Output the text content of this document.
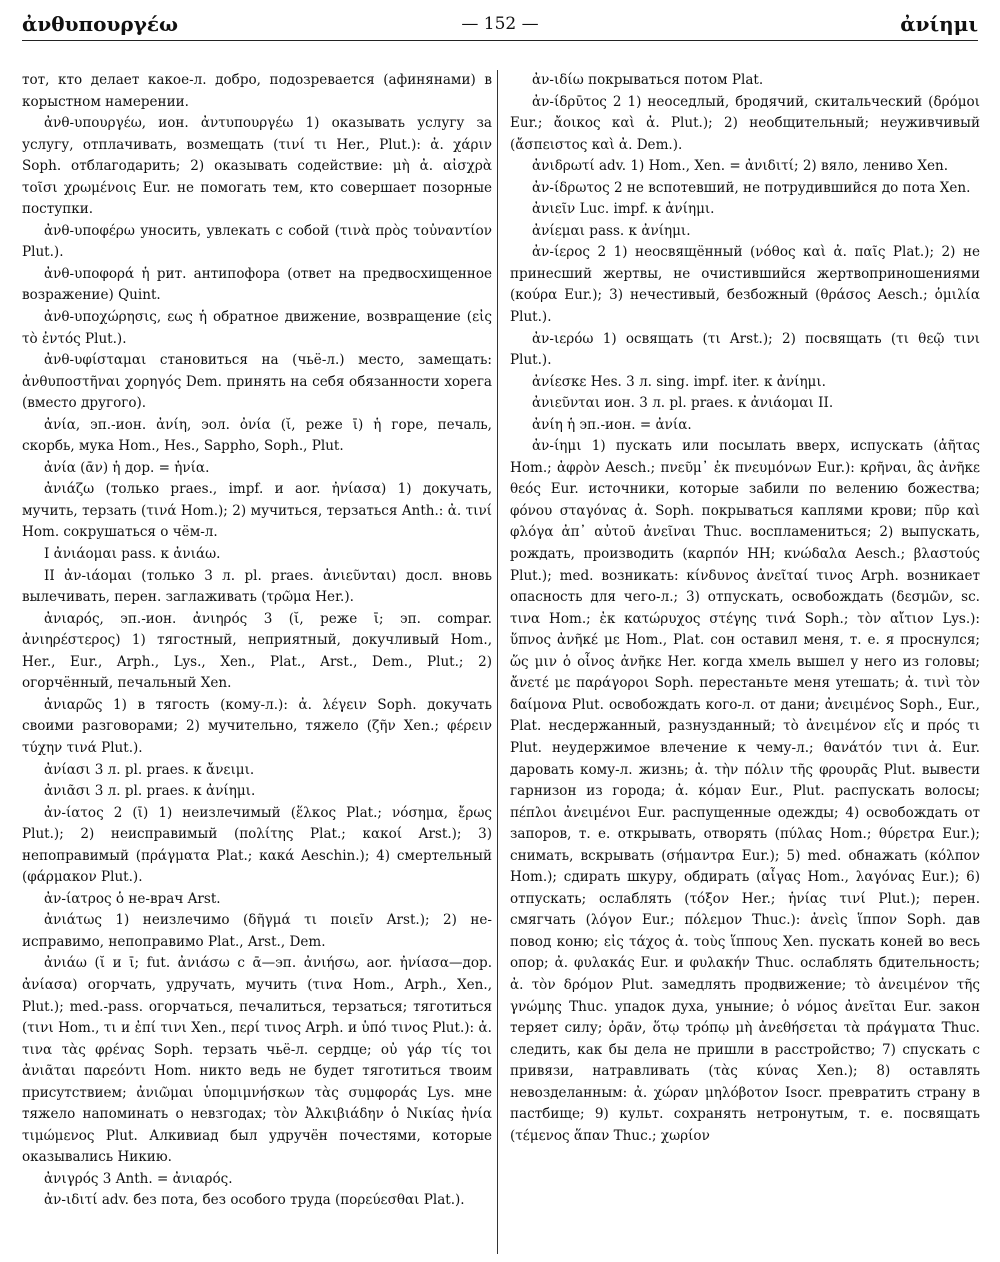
ἀνθυπουργέω	— 152 —	ἀνίημι

тот, кто делает какое-л. добро, подозревается (афинянами) в корыстном намерении.

ἀνθ-υπουργέω, ион. ἀντυπουργέω 1) оказывать услугу за услугу, отплачивать, возмещать (τινί τι Her., Plut.): ἀ. χάριν Soph. отблагодарить; 2) оказывать содействие: μὴ ἀ. αἰσχρὰ τοῖσι χρωμένοις Eur. не помогать тем, кто совершает позорные поступки.

ἀνθ-υποφέρω уносить, увлекать с собой (τινὰ πρὸς τοὐναντίον Plut.).

ἀνθ-υποφορά ἡ рит. антипофора (ответ на предвосхищенное возражение) Quint.

ἀνθ-υποχώρησις, εως ἡ обратное движение, возвращение (εἰς τὸ ἐντός Plut.).

ἀνθ-υφίσταμαι становиться на (чьё-л.) место, замещать: ἀνθυποστῆναι χορηγός Dem. принять на себя обязанности хорега (вместо другого).

ἀνία, эп.-ион. ἀνίη, эол. ὀνία (ῐ, реже ῑ) ἡ горе, печаль, скорбь, мука Hom., Hes., Sappho, Soph., Plut.

ἀνία (ᾱν) ἡ дор. = ἡνία.

ἀνιάζω (только praes., impf. и aor. ἠνίασα) 1) докучать, мучить, терзать (τινά Hom.); 2) мучиться, терзаться Anth.: ἀ. τινί Hom. сокрушаться о чём-л.

I ἀνιάομαι pass. к ἀνιάω.

II ἀν-ιάομαι (только 3 л. pl. praes. ἀνιεῦνται) досл. вновь вылечивать, перен. заглаживать (τρῶμα Her.).

ἀνιαρός, эп.-ион. ἀνιηρός 3 (ῐ, реже ῑ; эп. compar. ἀνιηρέστερος) 1) тягостный, неприятный, докучливый Hom., Her., Eur., Arph., Lys., Xen., Plat., Arst., Dem., Plut.; 2) огорчённый, печальный Xen.

ἀνιαρῶς 1) в тягость (кому-л.): ἀ. λέγειν Soph. докучать своими разговорами; 2) мучительно, тяжело (ζῆν Xen.; φέρειν τύχην τινά Plut.).

ἀνίασι 3 л. pl. praes. к ἄνειμι.

ἀνιᾶσι 3 л. pl. praes. к ἀνίημι.

ἀν-ίατος 2 (ῑ) 1) неизлечимый (ἕλκος Plat.; νόσημα, ἔρως Plut.); 2) неисправимый (πολίτης Plat.; κακοί Arst.); 3) непоправимый (πράγματα Plat.; κακά Aeschin.); 4) смертельный (φάρμακον Plut.).

ἀν-ίατρος ὁ не-врач Arst.

ἀνιάτως 1) неизлечимо (δῆγμά τι ποιεῖν Arst.); 2) неисправимо, непоправимо Plat., Arst., Dem.

ἀνιάω (ῐ и ῑ; fut. ἀνιάσω с ᾱ—эп. ἀνιήσω, aor. ἠνίασα—дор. ἀνίασα) огорчать, удручать, мучить (τινα Hom., Arph., Xen., Plut.); med.-pass. огорчаться, печалиться, терзаться; тяготиться (τινι Hom., τι и ἐπί τινι Xen., περί τινος Arph. и ὑπό τινος Plut.): ἀ. τινα τὰς φρένας Soph. терзать чьё-л. сердце; οὐ γάρ τίς τοι ἀνιᾶται παρεόντι Hom. никто ведь не будет тяготиться твоим присутствием; ἀνιῶμαι ὑπομιμνήσκων τὰς συμφοράς Lys. мне тяжело напоминать о невзгодах; τὸν Ἀλκιβιάδην ὁ Νικίας ἠνία τιμώμενος Plut. Алкивиад был удручён почестями, которые оказывались Никию.

ἀνιγρός 3 Anth. = ἀνιαρός.

ἀν-ιδιτί adv. без пота, без особого труда (πορεύεσθαι Plat.).

ἀν-ιδίω покрываться потом Plat.

ἀν-ίδρῡτος 2 1) неоседлый, бродячий, скитальческий (δρόμοι Eur.; ἄοικος καὶ ἀ. Plut.); 2) необщительный; неуживчивый (ἄσπειστος καὶ ἀ. Dem.).

ἀνιδρωτί adv. 1) Hom., Xen. = ἀνιδιτί; 2) вяло, лениво Xen.

ἀν-ίδρωτος 2 не вспотевший, не потрудившийся до пота Xen.

ἀνιεῖν Luc. impf. к ἀνίημι.

ἀνίεμαι pass. к ἀνίημι.

ἀν-ίερος 2 1) неосвящённый (νόθος καὶ ἀ. παῖς Plat.); 2) не принесший жертвы, не очистившийся жертвоприношениями (κούρα Eur.); 3) нечестивый, безбожный (θράσος Aesch.; ὁμιλία Plut.).

ἀν-ιερόω 1) освящать (τι Arst.); 2) посвящать (τι θεῷ τινι Plut.).

ἀνίεσκε Hes. 3 л. sing. impf. iter. к ἀνίημι.

ἀνιεῦνται ион. 3 л. pl. praes. к ἀνιάομαι II.

ἀνίη ἡ эп.-ион. = ἀνία.

ἀν-ίημι 1) пускать или посылать вверх, испускать (ἀῆτας Hom.; ἀφρὸν Aesch.; πνεῦμ᾽ ἐκ πνευμόνων Eur.): κρῆναι, ἃς ἀνῆκε θεός Eur. источники, которые забили по велению божества; φόνου σταγόνας ἀ. Soph. покрываться каплями крови; πῦρ καὶ φλόγα ἀπ᾽ αὐτοῦ ἀνεῖναι Thuc. воспламениться; 2) выпускать, рождать, производить (καρπόν HH; κνώδαλα Aesch.; βλαστούς Plut.); med. возникать: κίνδυνος ἀνεῖταί τινος Arph. возникает опасность для чего-л.; 3) отпускать, освобождать (δεσμῶν, sc. τινα Hom.; ἐκ κατώρυχος στέγης τινά Soph.; τὸν αἴτιον Lys.): ὕπνος ἀνῆκέ με Hom., Plat. сон оставил меня, т. е. я проснулся; ὥς μιν ὁ οἶνος ἀνῆκε Her. когда хмель вышел у него из головы; ἄνετέ με παράγοροι Soph. перестаньте меня утешать; ἀ. τινὶ τὸν δαίμονα Plut. освобождать кого-л. от дани; ἀνειμένος Soph., Eur., Plat. несдержанный, разнузданный; τὸ ἀνειμένον εἴς и πρός τι Plut. неудержимое влечение к чему-л.; θανάτόν τινι ἀ. Eur. даровать кому-л. жизнь; ἀ. τὴν πόλιν τῆς φρουρᾶς Plut. вывести гарнизон из города; ἀ. κόμαν Eur., Plut. распускать волосы; πέπλοι ἀνειμένοι Eur. распущенные одежды; 4) освобождать от запоров, т. е. открывать, отворять (πύλας Hom.; θύρετρα Eur.); снимать, вскрывать (σήμαντρα Eur.); 5) med. обнажать (κόλπον Hom.); сдирать шкуру, обдирать (αἶγας Hom., λαγόνας Eur.); 6) отпускать; ослаблять (τόξον Her.; ἡνίας τινί Plut.); перен. смягчать (λόγον Eur.; πόλεμον Thuc.): ἀνεὶς ἵππον Soph. дав повод коню; εἰς τάχος ἀ. τοὺς ἵππους Xen. пускать коней во весь опор; ἀ. φυλακάς Eur. и φυλακήν Thuc. ослаблять бдительность; ἀ. τὸν δρόμον Plut. замедлять продвижение; τὸ ἀνειμένον τῆς γνώμης Thuc. упадок духа, уныние; ὁ νόμος ἀνεῖται Eur. закон теряет силу; ὁρᾶν, ὅτῳ τρόπῳ μὴ ἀνεθήσεται τὰ πράγματα Thuc. следить, как бы дела не пришли в расстройство; 7) спускать с привязи, натравливать (τὰς κύνας Xen.); 8) оставлять невозделанным: ἀ. χώραν μηλόβοτον Isocr. превратить страну в пастбище; 9) культ. сохранять нетронутым, т. е. посвящать (τέμενος ἅπαν Thuc.; χωρίον
